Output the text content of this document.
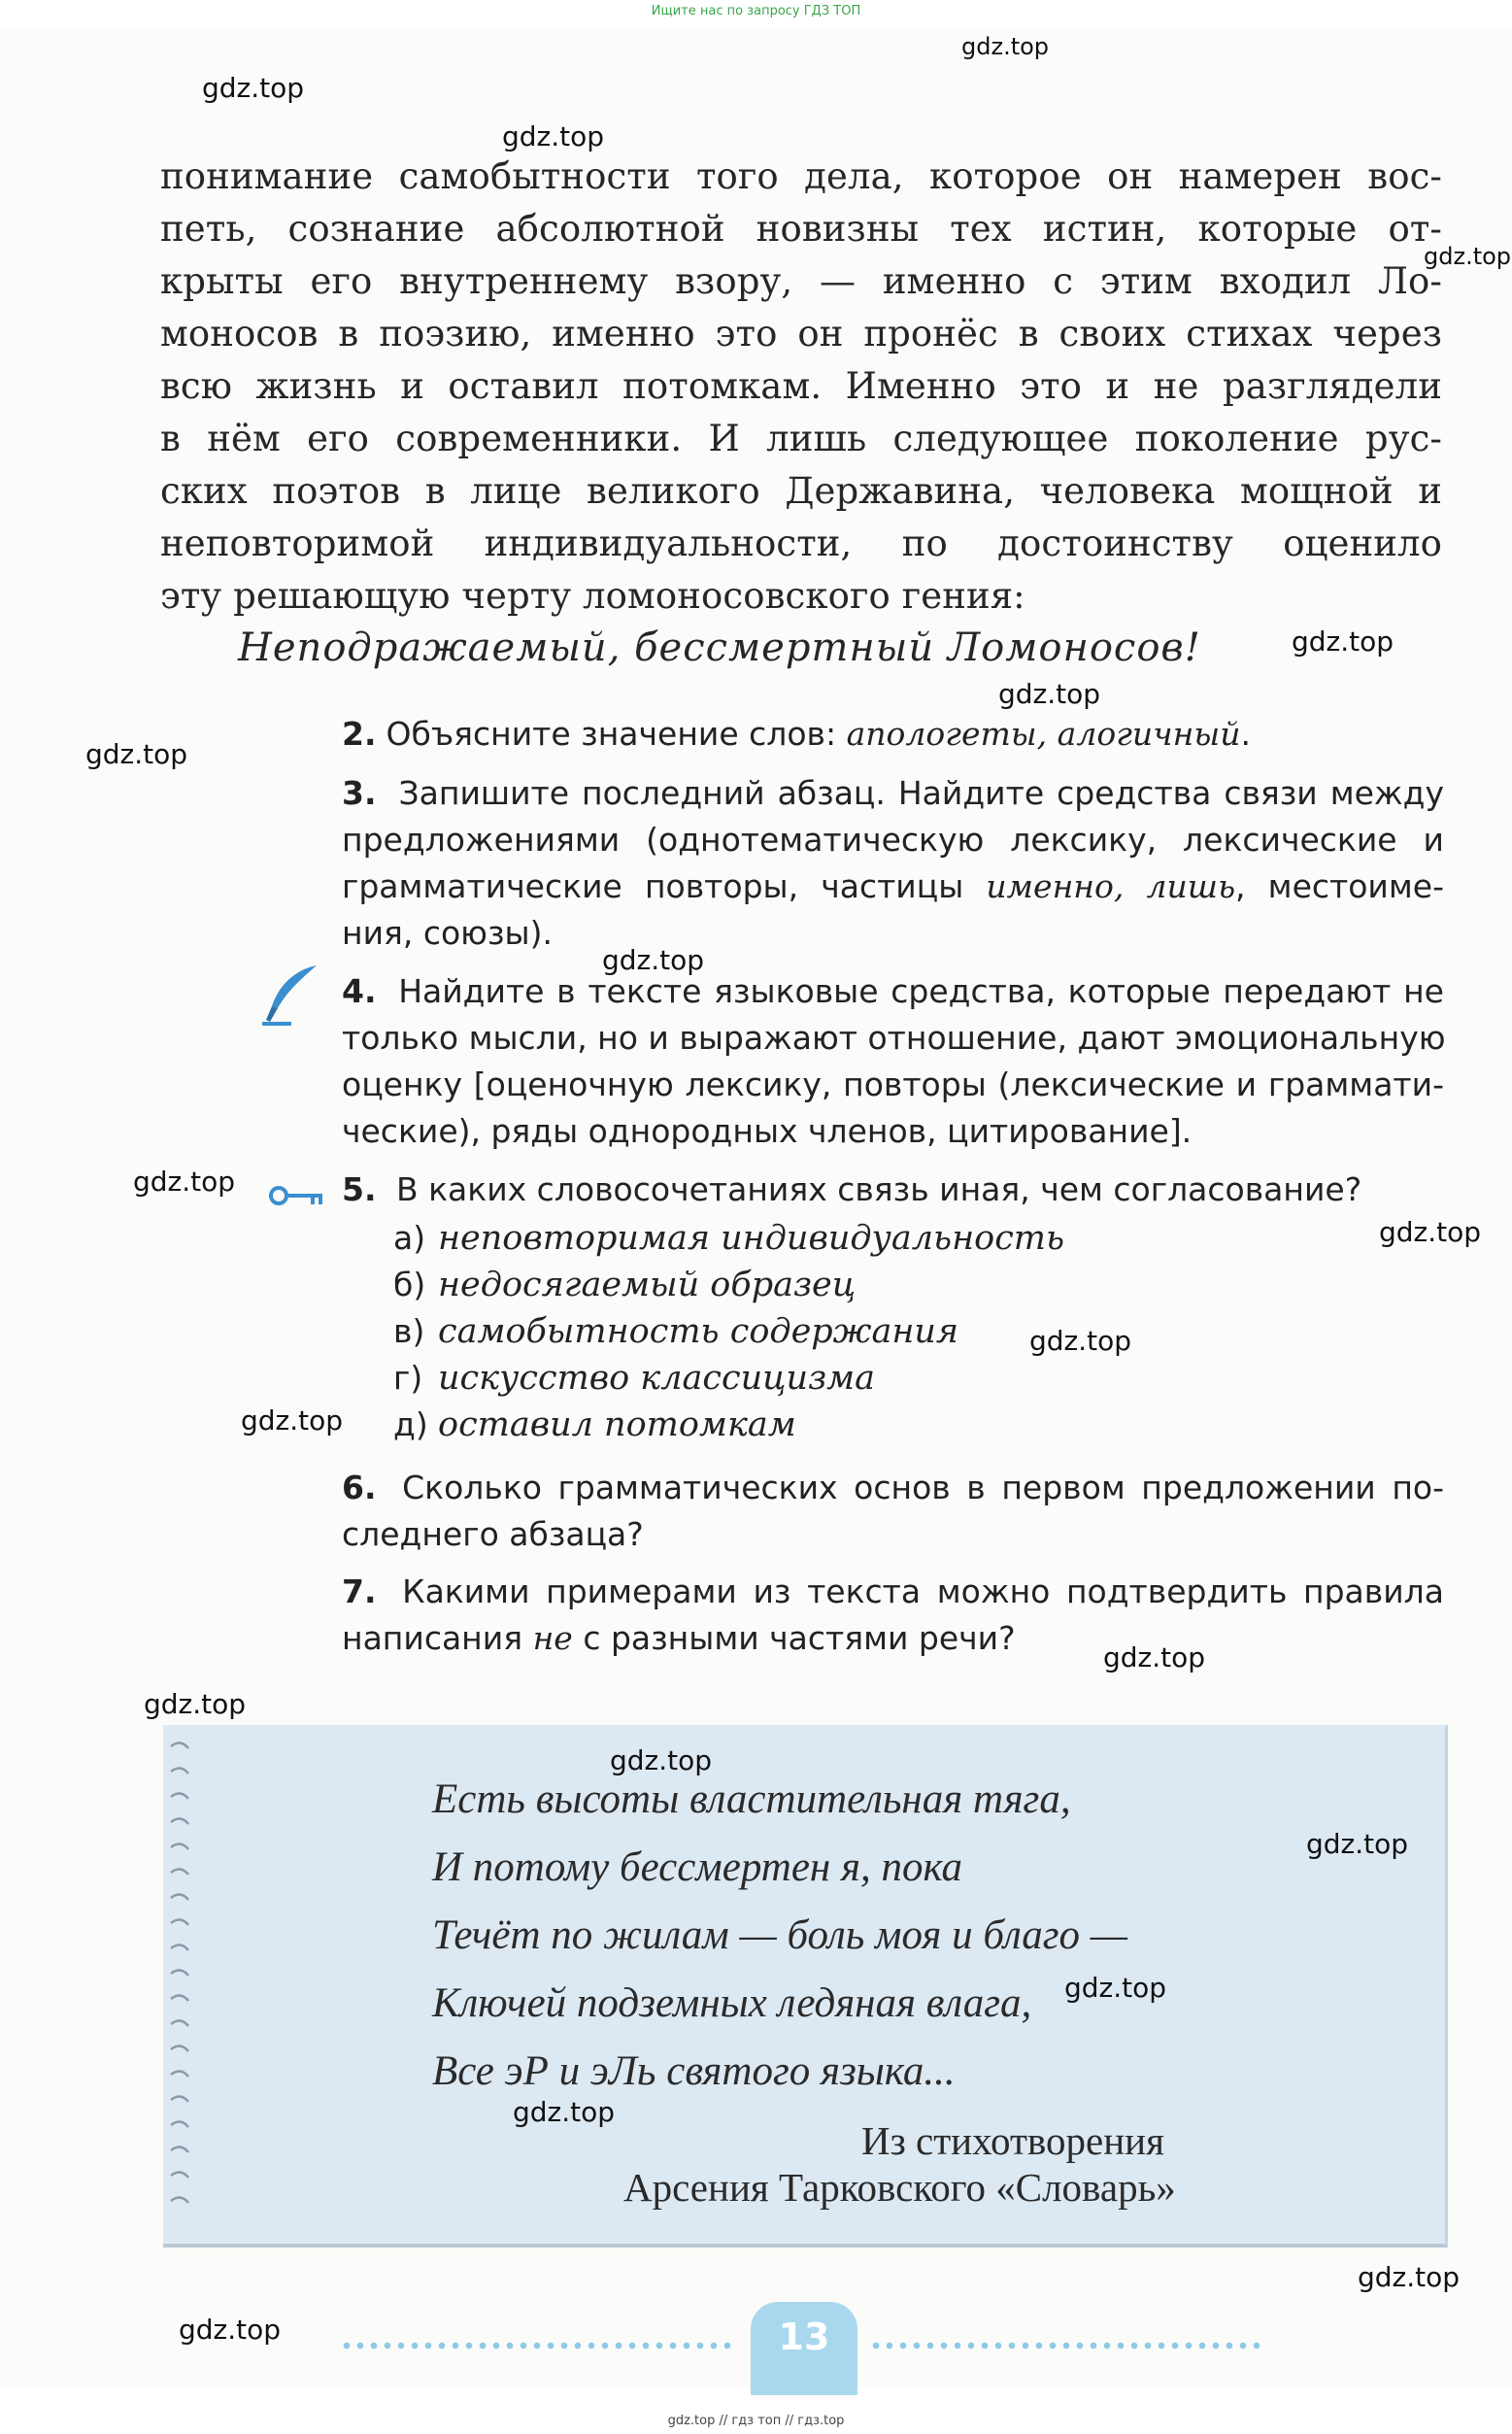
Ищите нас по запросу ГДЗ ТОП
понимание самобытности того дела, которое он намерен вос-
петь, сознание абсолютной новизны тех истин, которые от-
крыты его внутреннему взору, — именно с этим входил Ло-
моносов в поэзию, именно это он пронёс в своих стихах через
всю жизнь и оставил потомкам. Именно это и не разглядели
в нём его современники. И лишь следующее поколение рус-
ских поэтов в лице великого Державина, человека мощной и
неповторимой индивидуальности, по достоинству оценило
эту решающую черту ломоносовского гения:
Неподражаемый, бессмертный Ломоносов!
2. Объясните значение слов: апологеты, алогичный.
3. Запишите последний абзац. Найдите средства связи между
предложениями (однотематическую лексику, лексические и
грамматические повторы, частицы именно, лишь, местоиме-
ния, союзы).
4. Найдите в тексте языковые средства, которые передают не
только мысли, но и выражают отношение, дают эмоциональную
оценку [оценочную лексику, повторы (лексические и граммати-
ческие), ряды однородных членов, цитирование].
5. В каких словосочетаниях связь иная, чем согласование?
6. Сколько грамматических основ в первом предложении по-
следнего абзаца?
7. Какими примерами из текста можно подтвердить правила
написания не с разными частями речи?
а) неповторимая индивидуальность
б) недосягаемый образец
в) самобытность содержания
г) искусство классицизма
д) оставил потомкам
Есть высоты властительная тяга,
И потому бессмертен я, пока
Течёт по жилам — боль моя и благо —
Ключей подземных ледяная влага,
Все эР и эЛь святого языка...
Из стихотворения
Арсения Тарковского «Словарь»
13
gdz.top // гдз топ // гдз.top
gdz.top
gdz.top
gdz.top
gdz.top
gdz.top
gdz.top
gdz.top
gdz.top
gdz.top
gdz.top
gdz.top
gdz.top
gdz.top
gdz.top
gdz.top
gdz.top
gdz.top
gdz.top
gdz.top
gdz.top
